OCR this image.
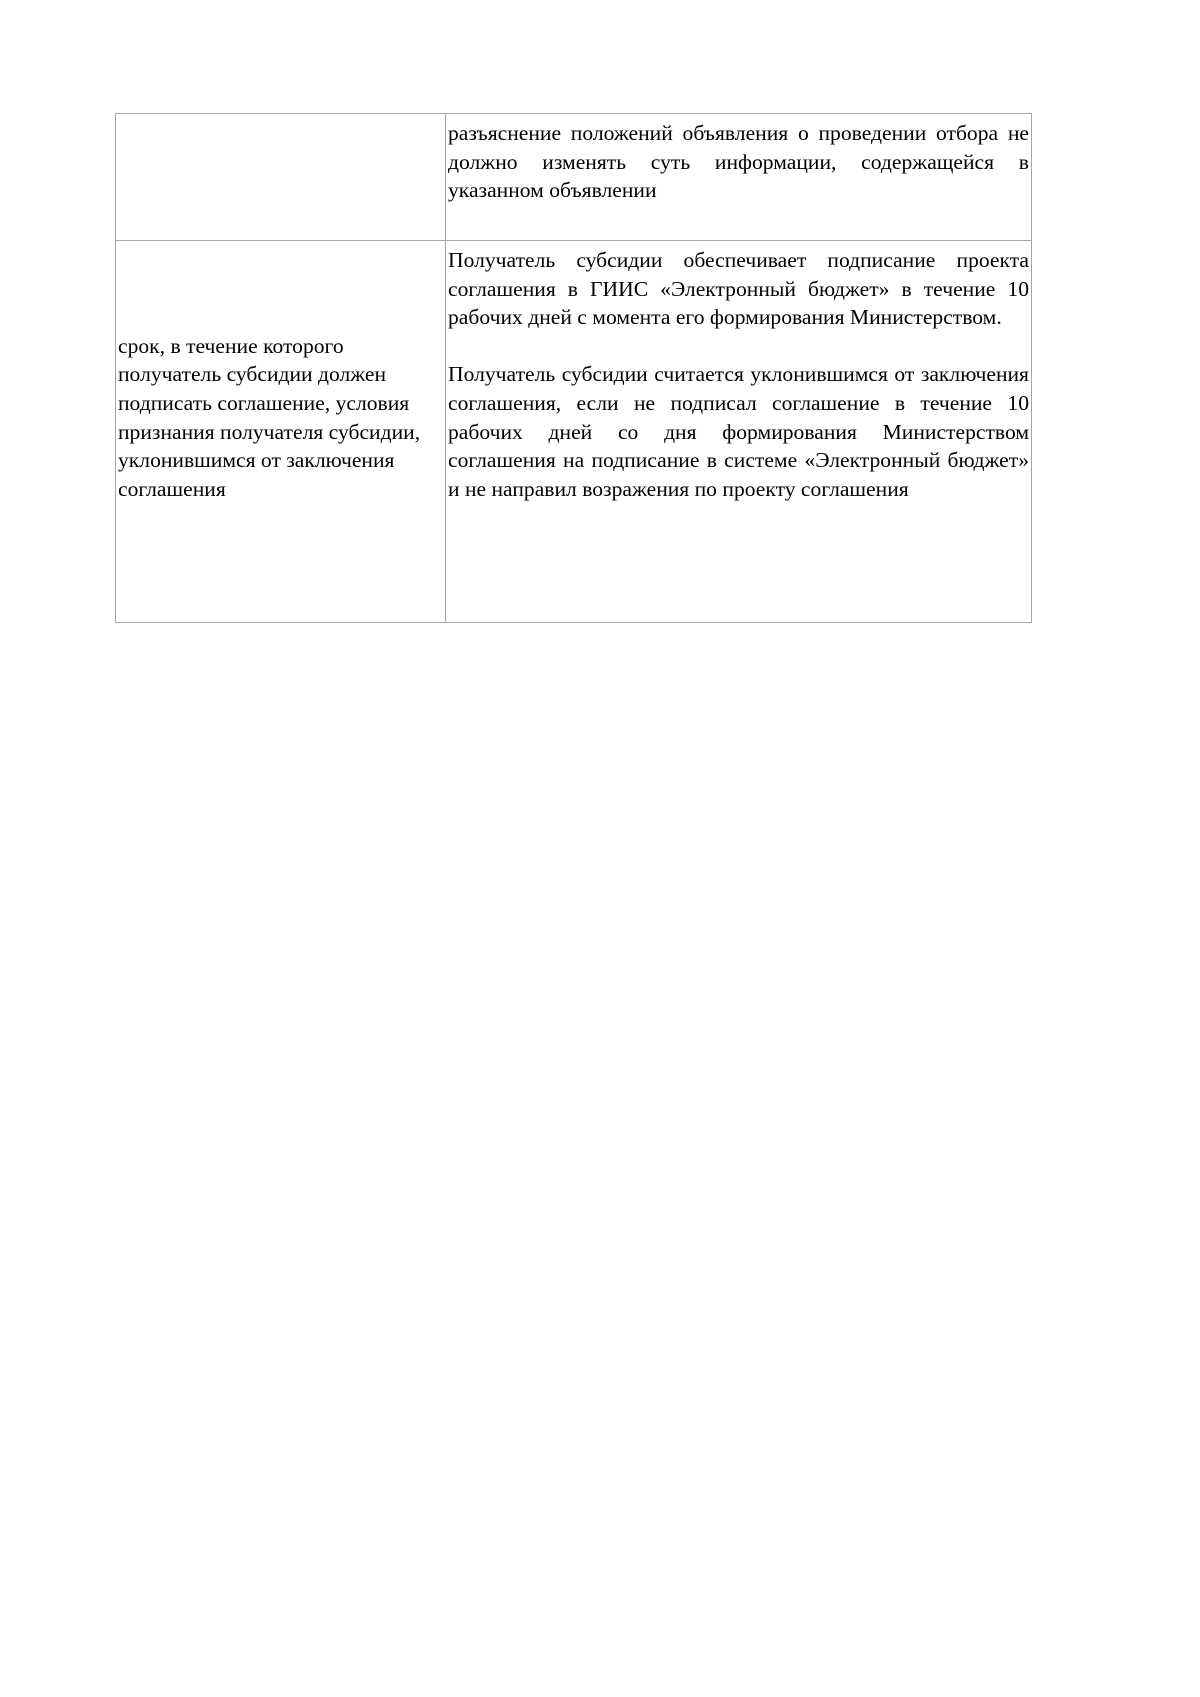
	разъяснение положений объявления о проведении отбора не должно изменять суть информации, содержащейся в указанном объявлении

срок, в течение которого получатель субсидии должен подписать соглашение, условия признания получателя субсидии, уклонившимся от заключения соглашения	Получатель субсидии обеспечивает подписание проекта соглашения в ГИИС «Электронный бюджет» в течение 10 рабочих дней с момента его формирования Министерством.

Получатель субсидии считается уклонившимся от заключения соглашения, если не подписал соглашение в течение 10 рабочих дней со дня формирования Министерством соглашения на подписание в системе «Электронный бюджет» и не направил возражения по проекту соглашения
